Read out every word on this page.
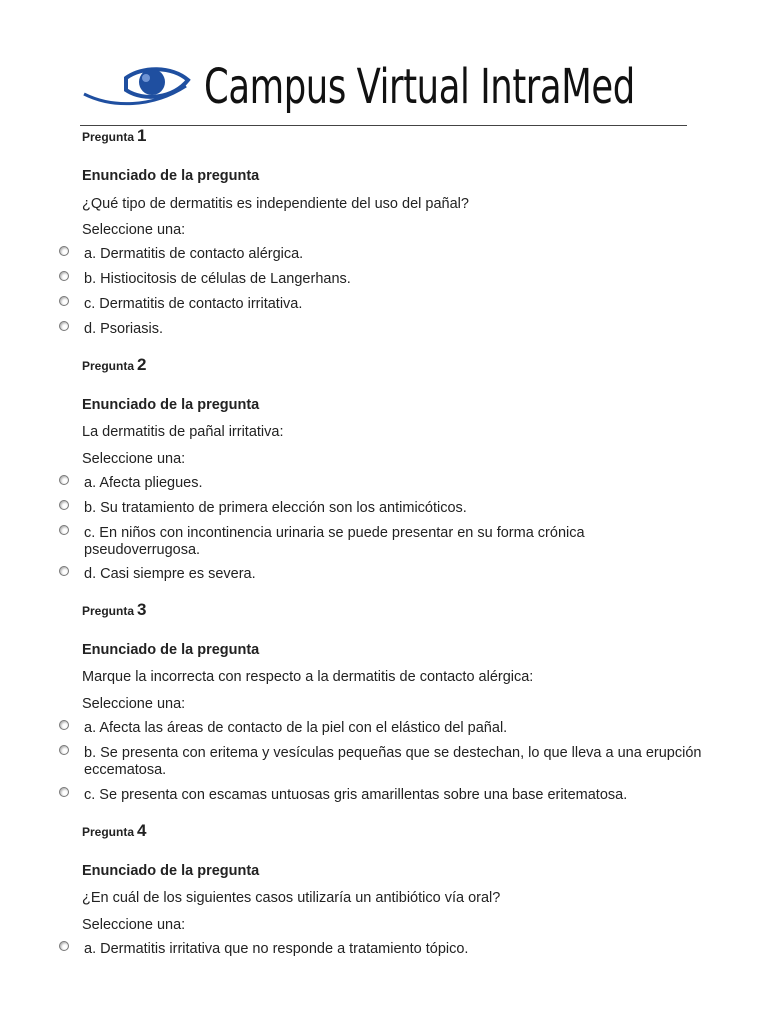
Campus Virtual IntraMed
Pregunta 1
Enunciado de la pregunta
¿Qué tipo de dermatitis es independiente del uso del pañal?
Seleccione una:
a. Dermatitis de contacto alérgica.
b. Histiocitosis de células de Langerhans.
c. Dermatitis de contacto irritativa.
d. Psoriasis.
Pregunta 2
Enunciado de la pregunta
La dermatitis de pañal irritativa:
Seleccione una:
a. Afecta pliegues.
b. Su tratamiento de primera elección son los antimicóticos.
c. En niños con incontinencia urinaria se puede presentar en su forma crónica pseudoverrugosa.
d. Casi siempre es severa.
Pregunta 3
Enunciado de la pregunta
Marque la incorrecta con respecto a la dermatitis de contacto alérgica:
Seleccione una:
a. Afecta las áreas de contacto de la piel con el elástico del pañal.
b. Se presenta con eritema y vesículas pequeñas que se destechan, lo que lleva a una erupción eccematosa.
c. Se presenta con escamas untuosas gris amarillentas sobre una base eritematosa.
Pregunta 4
Enunciado de la pregunta
¿En cuál de los siguientes casos utilizaría un antibiótico vía oral?
Seleccione una:
a. Dermatitis irritativa que no responde a tratamiento tópico.
